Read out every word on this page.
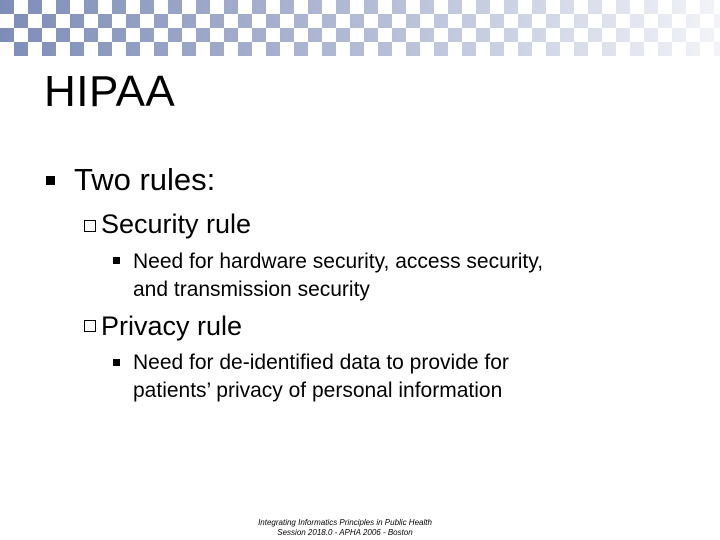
HIPAA
Two rules:
Security rule
Need for hardware security, access security,
and transmission security
Privacy rule
Need for de-identified data to provide for
patients’ privacy of personal information
Integrating Informatics Principles in Public Health
Session 2018.0 - APHA 2006 - Boston
